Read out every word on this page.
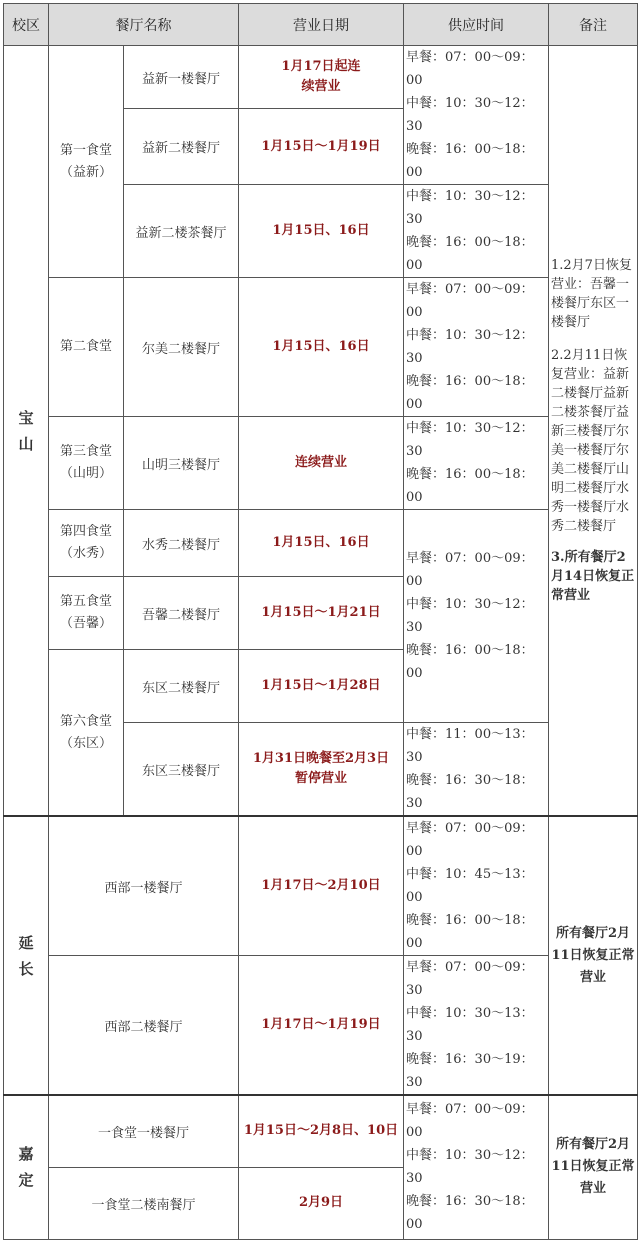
校区	餐厅名称		营业日期	供应时间	备注
宝山	第一食堂（益新）	益新一楼餐厅	1月17日起连续营业	早餐：07：00～09：00
中餐：10：30～12：30
晚餐：16：00～18：00	1.2月7日恢复营业：吾馨一楼餐厅东区一楼餐厅
2.2月11日恢复营业：益新二楼餐厅益新二楼茶餐厅益新三楼餐厅尔美一楼餐厅尔美二楼餐厅山明二楼餐厅水秀一楼餐厅水秀二楼餐厅
3.所有餐厅2月14日恢复正常营业

		益新二楼餐厅	1月15日～1月19日		
		益新二楼茶餐厅	1月15日、16日	中餐：10：30～12：30
晚餐：16：00～18：00	

	第二食堂	尔美二楼餐厅	1月15日、16日	早餐：07：00～09：00
中餐：10：30～12：30
晚餐：16：00～18：00	

	第三食堂（山明）	山明三楼餐厅	连续营业	中餐：10：30～12：30
晚餐：16：00～18：00	

	第四食堂（水秀）	水秀二楼餐厅	1月15日、16日	早餐：07：00～09：00
中餐：10：30～12：30
晚餐：16：00～18：00	

	第五食堂（吾馨）	吾馨二楼餐厅	1月15日～1月21日		
	第六食堂（东区）	东区二楼餐厅	1月15日～1月28日		
		东区三楼餐厅	1月31日晚餐至2月3日暂停营业	中餐：11：00～13：30
晚餐：16：30～18：30	

延长	西部一楼餐厅		1月17日～2月10日	早餐：07：00～09：00
中餐：10：45～13：00
晚餐：16：00～18：00	所有餐厅2月11日恢复正常营业
	西部二楼餐厅		1月17日～1月19日	早餐：07：00～09：30
中餐：10：30～13：30
晚餐：16：30～19：30	

嘉定	一食堂一楼餐厅		1月15日～2月8日、10日	早餐：07：00～09：00
中餐：10：30～12：30
晚餐：16：30～18：00	所有餐厅2月11日恢复正常营业
	一食堂二楼南餐厅		2月9日		
